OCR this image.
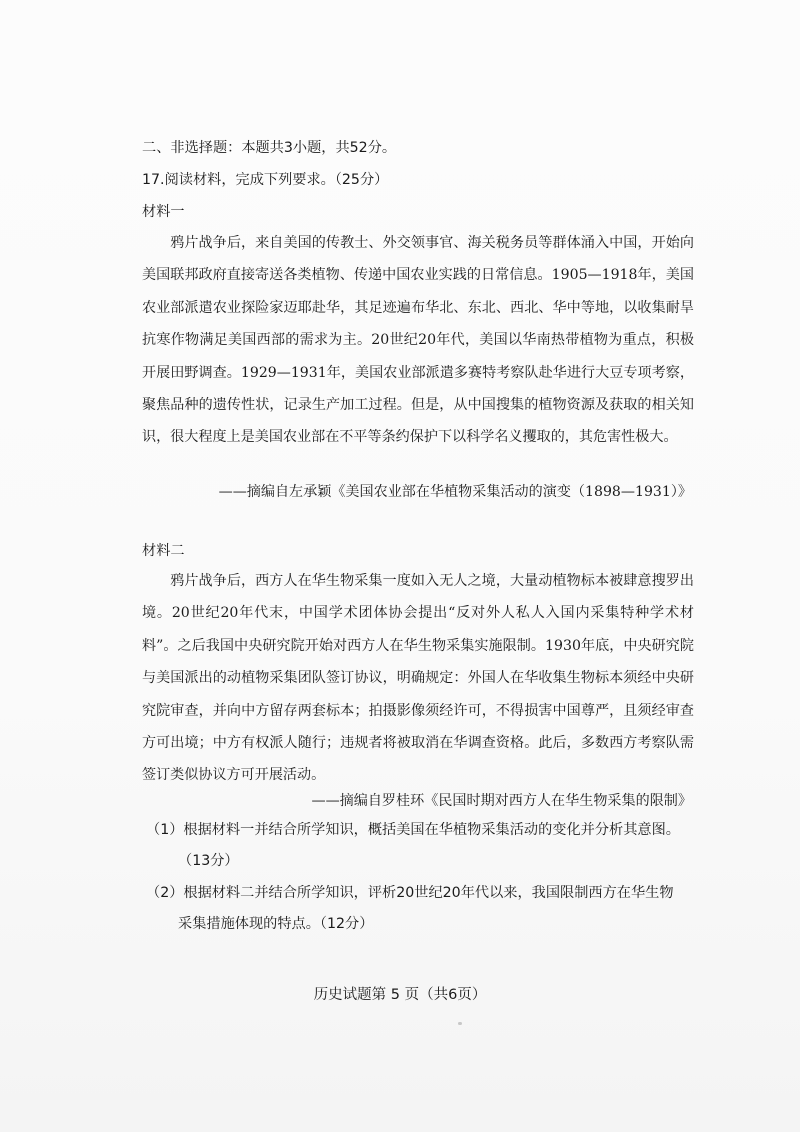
二、非选择题：本题共3小题，共52分。
17.阅读材料，完成下列要求。（25分）
材料一
鸦片战争后，来自美国的传教士、外交领事官、海关税务员等群体涌入中国，开始向美国联邦政府直接寄送各类植物、传递中国农业实践的日常信息。1905—1918年，美国农业部派遣农业探险家迈耶赴华，其足迹遍布华北、东北、西北、华中等地，以收集耐旱抗寒作物满足美国西部的需求为主。20世纪20年代，美国以华南热带植物为重点，积极开展田野调查。1929—1931年，美国农业部派遣多赛特考察队赴华进行大豆专项考察，聚焦品种的遗传性状，记录生产加工过程。但是，从中国搜集的植物资源及获取的相关知识，很大程度上是美国农业部在不平等条约保护下以科学名义攫取的，其危害性极大。
——摘编自左承颖《美国农业部在华植物采集活动的演变（1898—1931）》
材料二
鸦片战争后，西方人在华生物采集一度如入无人之境，大量动植物标本被肆意搜罗出境。20世纪20年代末，中国学术团体协会提出“反对外人私人入国内采集特种学术材料”。之后我国中央研究院开始对西方人在华生物采集实施限制。1930年底，中央研究院与美国派出的动植物采集团队签订协议，明确规定：外国人在华收集生物标本须经中央研究院审查，并向中方留存两套标本；拍摄影像须经许可，不得损害中国尊严，且须经审查方可出境；中方有权派人随行；违规者将被取消在华调查资格。此后，多数西方考察队需签订类似协议方可开展活动。
——摘编自罗桂环《民国时期对西方人在华生物采集的限制》
（1）根据材料一并结合所学知识，概括美国在华植物采集活动的变化并分析其意图。
（13分）
（2）根据材料二并结合所学知识，评析20世纪20年代以来，我国限制西方在华生物
采集措施体现的特点。（12分）
历史试题第 5 页（共6页）
